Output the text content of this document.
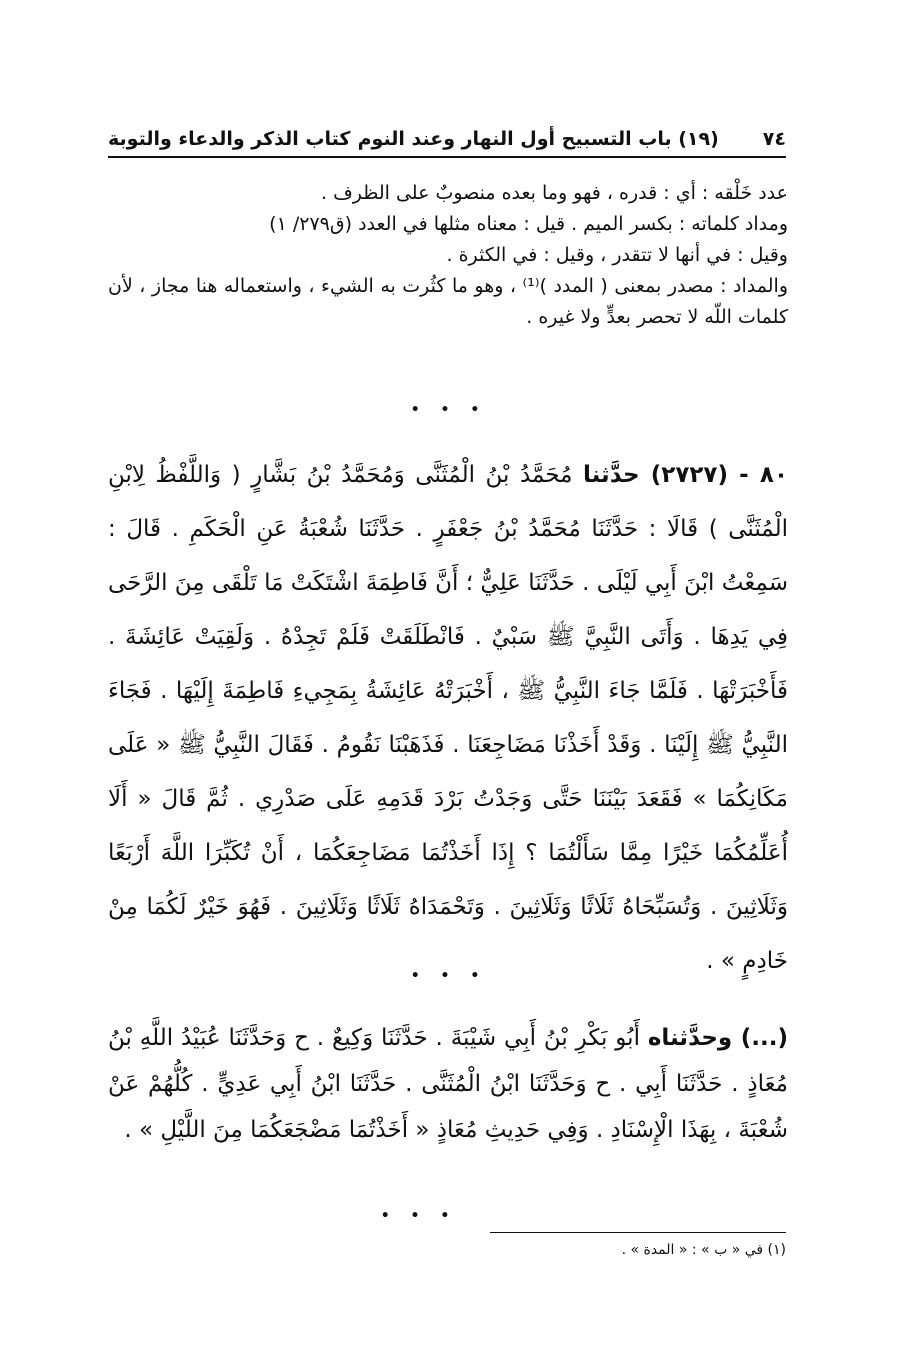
٧٤
(١٩) باب التسبيح أول النهار وعند النوم
كتاب الذكر والدعاء والتوبة

عدد خَلْقه : أي : قدره ، فهو وما بعده منصوبٌ على الظرف .

ومداد كلماته : بكسر الميم . قيل : معناه مثلها في العدد (ق٢٧٩/ ١)

وقيل : في أنها لا تتقدر ، وقيل : في الكثرة .

والمداد : مصدر بمعنى ( المدد )⁽¹⁾ ، وهو ما كثُرت به الشيء ، واستعماله هنا مجاز ، لأن كلمات اللّه لا تحصر بعدٍّ ولا غيره .

• • •

٨٠ - (٢٧٢٧) حدَّثنا مُحَمَّدُ بْنُ الْمُثَنَّى وَمُحَمَّدُ بْنُ بَشَّارٍ ( وَاللَّفْظُ لِابْنِ الْمُثَنَّى ) قَالَا : حَدَّثَنَا مُحَمَّدُ بْنُ جَعْفَرٍ . حَدَّثَنَا شُعْبَةُ عَنِ الْحَكَمِ . قَالَ : سَمِعْتُ ابْنَ أَبِي لَيْلَى . حَدَّثَنَا عَلِيٌّ ؛ أَنَّ فَاطِمَةَ اشْتَكَتْ مَا تَلْقَى مِنَ الرَّحَى فِي يَدِهَا . وَأَتَى النَّبِيَّ ﷺ سَبْيٌ . فَانْطَلَقَتْ فَلَمْ تَجِدْهُ . وَلَقِيَتْ عَائِشَةَ . فَأَخْبَرَتْهَا . فَلَمَّا جَاءَ النَّبِيُّ ﷺ ، أَخْبَرَتْهُ عَائِشَةُ بِمَجِيءِ فَاطِمَةَ إِلَيْهَا . فَجَاءَ النَّبِيُّ ﷺ إِلَيْنَا . وَقَدْ أَخَذْنَا مَضَاجِعَنَا . فَذَهَبْنَا نَقُومُ . فَقَالَ النَّبِيُّ ﷺ « عَلَى مَكَانِكُمَا » فَقَعَدَ بَيْنَنَا حَتَّى وَجَدْتُ بَرْدَ قَدَمِهِ عَلَى صَدْرِي . ثُمَّ قَالَ « أَلَا أُعَلِّمُكُمَا خَيْرًا مِمَّا سَأَلْتُمَا ؟ إِذَا أَخَذْتُمَا مَضَاجِعَكُمَا ، أَنْ تُكَبِّرَا اللَّهَ أَرْبَعًا وَثَلَاثِينَ . وَتُسَبِّحَاهُ ثَلَاثًا وَثَلَاثِينَ . وَتَحْمَدَاهُ ثَلَاثًا وَثَلَاثِينَ . فَهُوَ خَيْرٌ لَكُمَا مِنْ خَادِمٍ » .

• • •

(...) وحدَّثناه أَبُو بَكْرِ بْنُ أَبِي شَيْبَةَ . حَدَّثَنَا وَكِيعٌ . ح وَحَدَّثَنَا عُبَيْدُ اللَّهِ بْنُ مُعَاذٍ . حَدَّثَنَا أَبِي . ح وَحَدَّثَنَا ابْنُ الْمُثَنَّى . حَدَّثَنَا ابْنُ أَبِي عَدِيٍّ . كُلُّهُمْ عَنْ شُعْبَةَ ، بِهَذَا الْإِسْنَادِ . وَفِي حَدِيثِ مُعَاذٍ « أَخَذْتُمَا مَضْجَعَكُمَا مِنَ اللَّيْلِ » .

• • •
(١) في « ب » : « المدة » .
